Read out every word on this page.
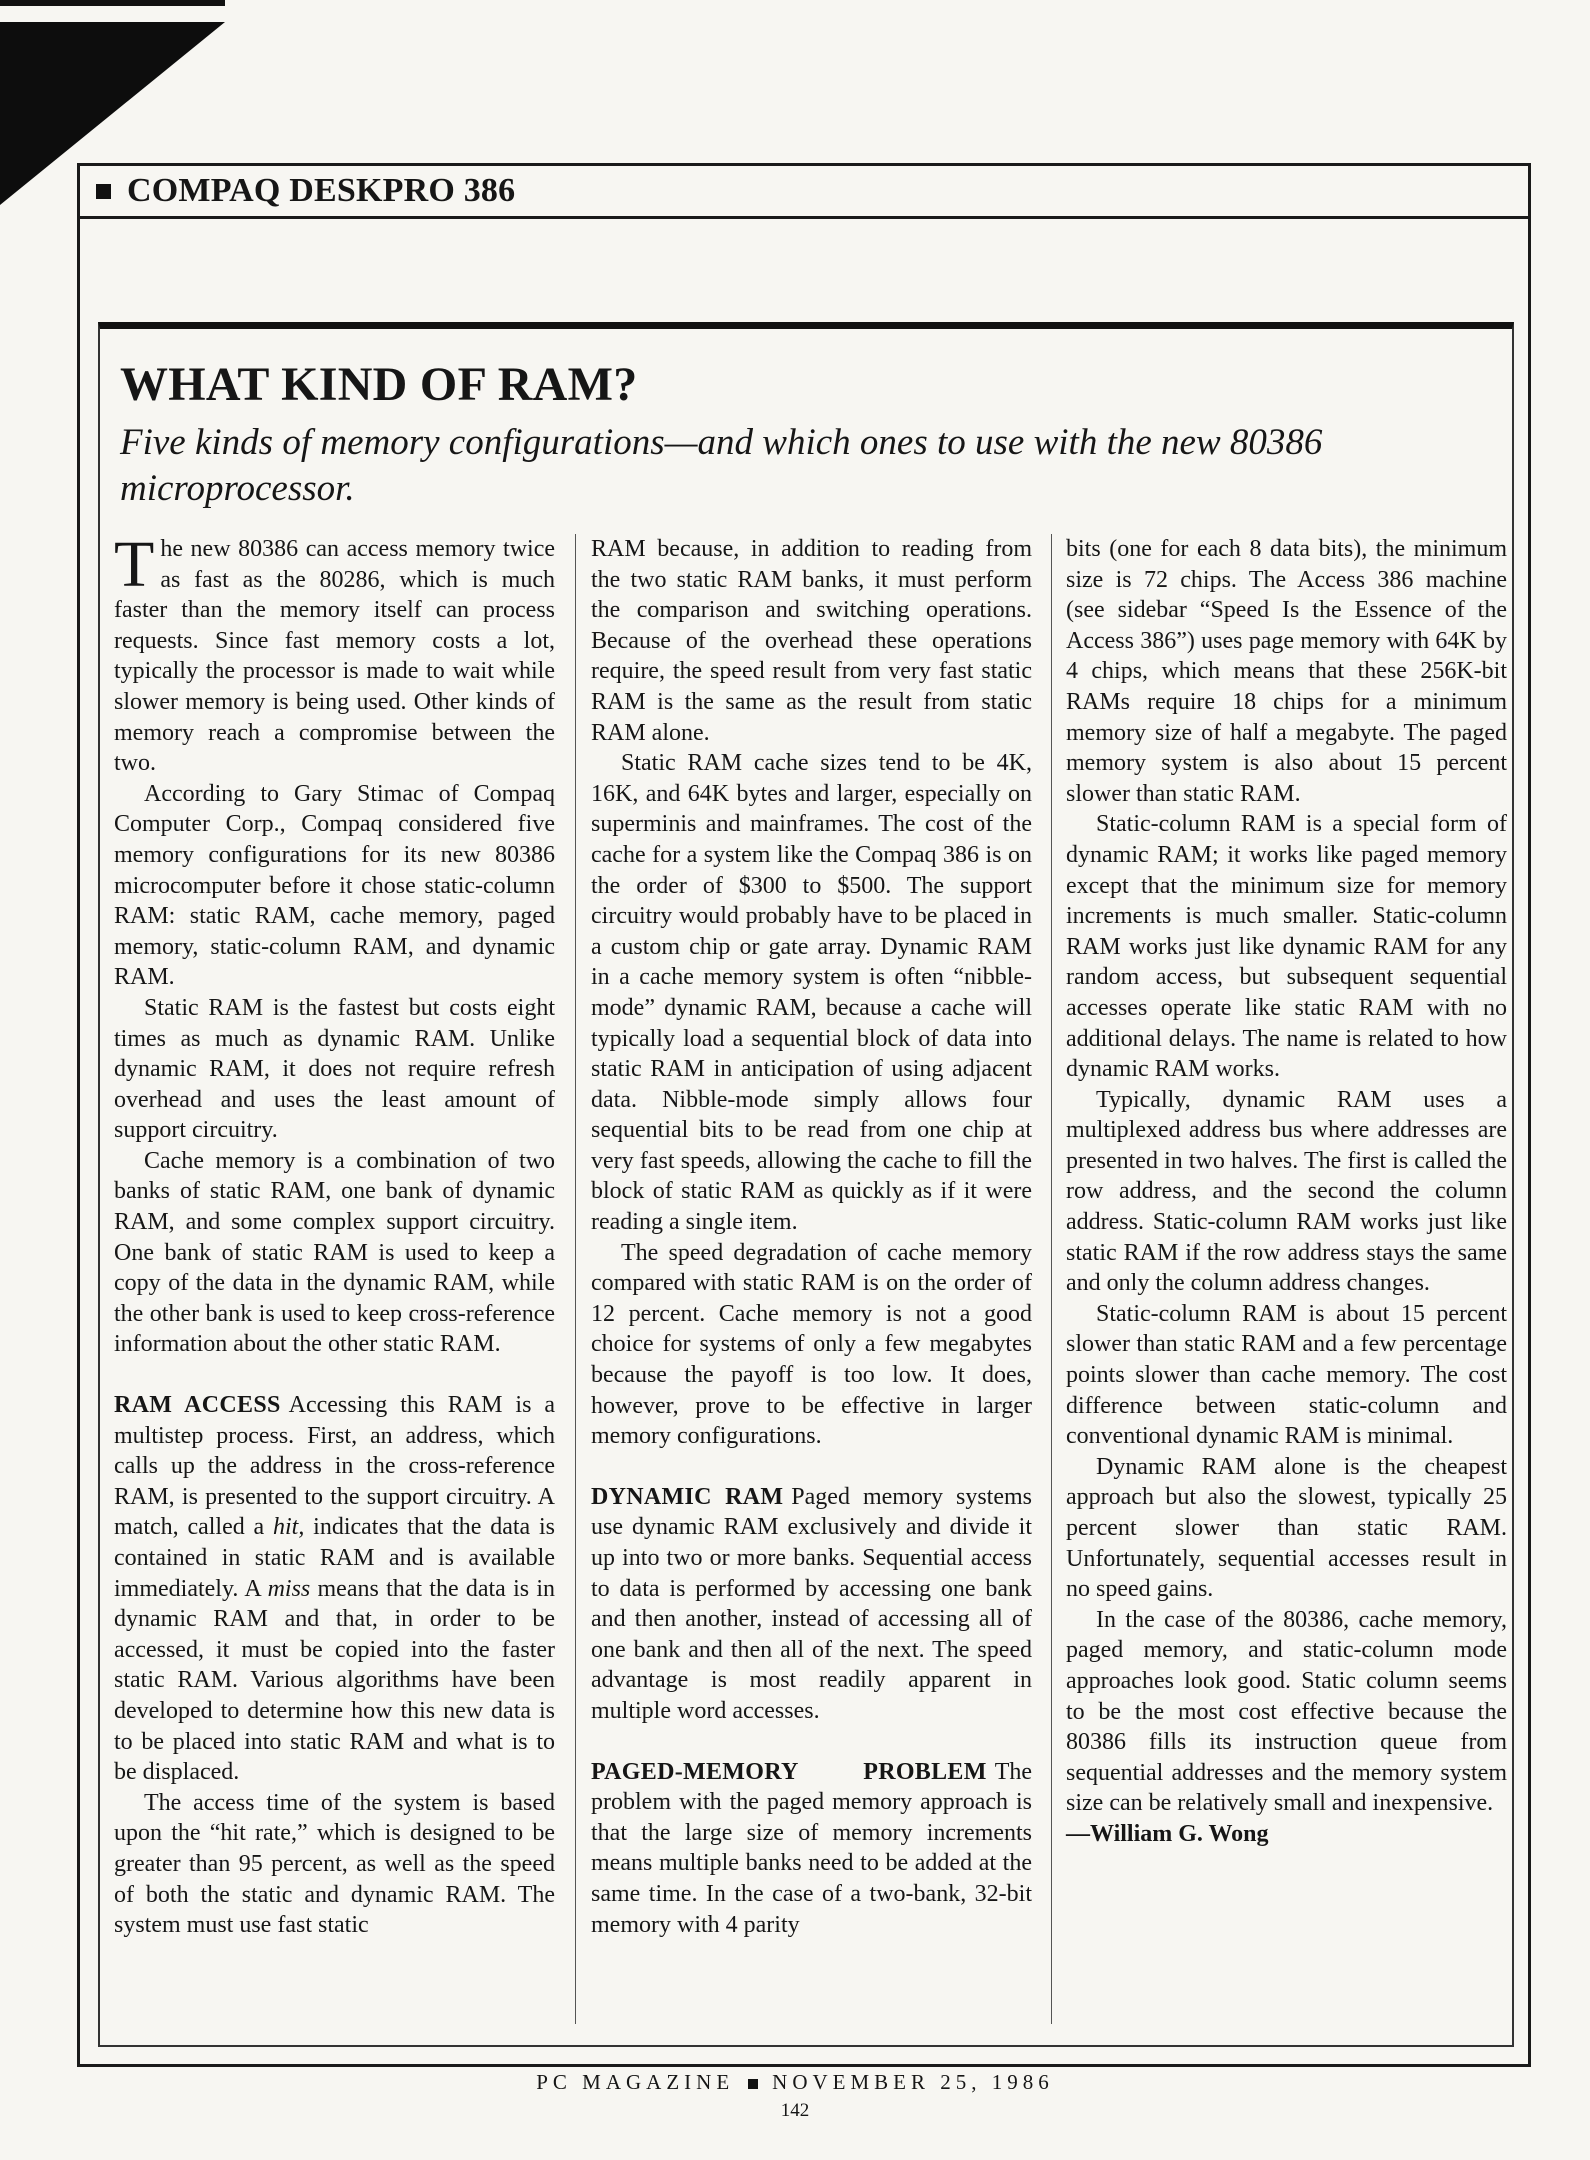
COMPAQ DESKPRO 386
WHAT KIND OF RAM?
Five kinds of memory configurations—and which ones to use with the new 80386 microprocessor.

The new 80386 can access memory twice as fast as the 80286, which is much faster than the memory itself can process requests. Since fast memory costs a lot, typically the processor is made to wait while slower memory is being used. Other kinds of memory reach a compromise between the two.

According to Gary Stimac of Compaq Computer Corp., Compaq considered five memory configurations for its new 80386 microcomputer before it chose static-column RAM: static RAM, cache memory, paged memory, static-column RAM, and dynamic RAM.

Static RAM is the fastest but costs eight times as much as dynamic RAM. Unlike dynamic RAM, it does not require refresh overhead and uses the least amount of support circuitry.

Cache memory is a combination of two banks of static RAM, one bank of dynamic RAM, and some complex support circuitry. One bank of static RAM is used to keep a copy of the data in the dynamic RAM, while the other bank is used to keep cross-reference information about the other static RAM.

RAM ACCESS Accessing this RAM is a multistep process. First, an address, which calls up the address in the cross-reference RAM, is presented to the support circuitry. A match, called a hit, indicates that the data is contained in static RAM and is available immediately. A miss means that the data is in dynamic RAM and that, in order to be accessed, it must be copied into the faster static RAM. Various algorithms have been developed to determine how this new data is to be placed into static RAM and what is to be displaced.

The access time of the system is based upon the “hit rate,” which is designed to be greater than 95 percent, as well as the speed of both the static and dynamic RAM. The system must use fast static

RAM because, in addition to reading from the two static RAM banks, it must perform the comparison and switching operations. Because of the overhead these operations require, the speed result from very fast static RAM is the same as the result from static RAM alone.

Static RAM cache sizes tend to be 4K, 16K, and 64K bytes and larger, especially on superminis and mainframes. The cost of the cache for a system like the Compaq 386 is on the order of $300 to $500. The support circuitry would probably have to be placed in a custom chip or gate array. Dynamic RAM in a cache memory system is often “nibble-mode” dynamic RAM, because a cache will typically load a sequential block of data into static RAM in anticipation of using adjacent data. Nibble-mode simply allows four sequential bits to be read from one chip at very fast speeds, allowing the cache to fill the block of static RAM as quickly as if it were reading a single item.

The speed degradation of cache memory compared with static RAM is on the order of 12 percent. Cache memory is not a good choice for systems of only a few megabytes because the payoff is too low. It does, however, prove to be effective in larger memory configurations.

DYNAMIC RAM Paged memory systems use dynamic RAM exclusively and divide it up into two or more banks. Sequential access to data is performed by accessing one bank and then another, instead of accessing all of one bank and then all of the next. The speed advantage is most readily apparent in multiple word accesses.

PAGED-MEMORY PROBLEM The problem with the paged memory approach is that the large size of memory increments means multiple banks need to be added at the same time. In the case of a two-bank, 32-bit memory with 4 parity

bits (one for each 8 data bits), the minimum size is 72 chips. The Access 386 machine (see sidebar “Speed Is the Essence of the Access 386”) uses page memory with 64K by 4 chips, which means that these 256K-bit RAMs require 18 chips for a minimum memory size of half a megabyte. The paged memory system is also about 15 percent slower than static RAM.

Static-column RAM is a special form of dynamic RAM; it works like paged memory except that the minimum size for memory increments is much smaller. Static-column RAM works just like dynamic RAM for any random access, but subsequent sequential accesses operate like static RAM with no additional delays. The name is related to how dynamic RAM works.

Typically, dynamic RAM uses a multiplexed address bus where addresses are presented in two halves. The first is called the row address, and the second the column address. Static-column RAM works just like static RAM if the row address stays the same and only the column address changes.

Static-column RAM is about 15 percent slower than static RAM and a few percentage points slower than cache memory. The cost difference between static-column and conventional dynamic RAM is minimal.

Dynamic RAM alone is the cheapest approach but also the slowest, typically 25 percent slower than static RAM. Unfortunately, sequential accesses result in no speed gains.

In the case of the 80386, cache memory, paged memory, and static-column mode approaches look good. Static column seems to be the most cost effective because the 80386 fills its instruction queue from sequential addresses and the memory system size can be relatively small and inexpensive.

—William G. Wong

PC MAGAZINE NOVEMBER 25, 1986
142
